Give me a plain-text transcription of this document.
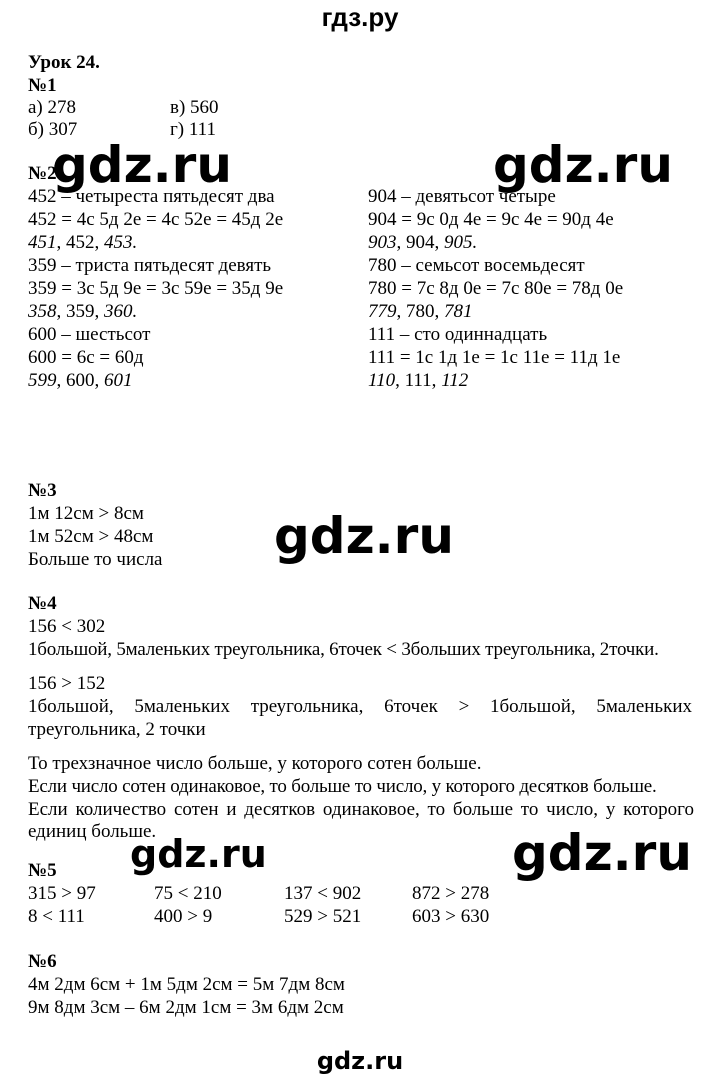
гдз.ру
Урок 24.
№1
а) 278	в) 560
б) 307	г) 111
№2
452 – четыреста пятьдесят два
452 = 4с 5д 2е = 4с 52е = 45д 2е
451, 452, 453.
359 – триста пятьдесят девять
359 = 3с 5д 9е = 3с 59е = 35д 9е
358, 359, 360.
600 – шестьсот
600 = 6с = 60д
599, 600, 601
904 – девятьсот четыре
904 = 9с 0д 4е = 9с 4е = 90д 4е
903, 904, 905.
780 – семьсот восемьдесят
780 = 7с 8д 0е = 7с 80е = 78д 0е
779, 780, 781
111 – сто одиннадцать
111 = 1с 1д 1е = 1с 11е = 11д 1е
110, 111, 112
№3
1м 12см > 8см
1м 52см > 48см
Больше то числа
№4
156 < 302
1большой, 5маленьких треугольника, 6точек < 3больших треугольника, 2точки.
156 > 152
1большой, 5маленьких треугольника, 6точек > 1большой, 5маленьких
треугольника, 2 точки
То трехзначное число больше, у которого сотен больше.
Если число сотен одинаковое, то больше то число, у которого десятков больше.
Если количество сотен и десятков одинаковое, то больше то число, у которого единиц больше.
№5
315 > 97	75 < 210	137 < 902	872 > 278
8 < 111	400 > 9	529 > 521	603 > 630
№6
4м 2дм 6см + 1м 5дм 2см = 5м 7дм 8см
9м 8дм 3см – 6м 2дм 1см = 3м 6дм 2см
gdz.ru	gdz.ru
gdz.ru
gdz.ru	gdz.ru
gdz.ru
